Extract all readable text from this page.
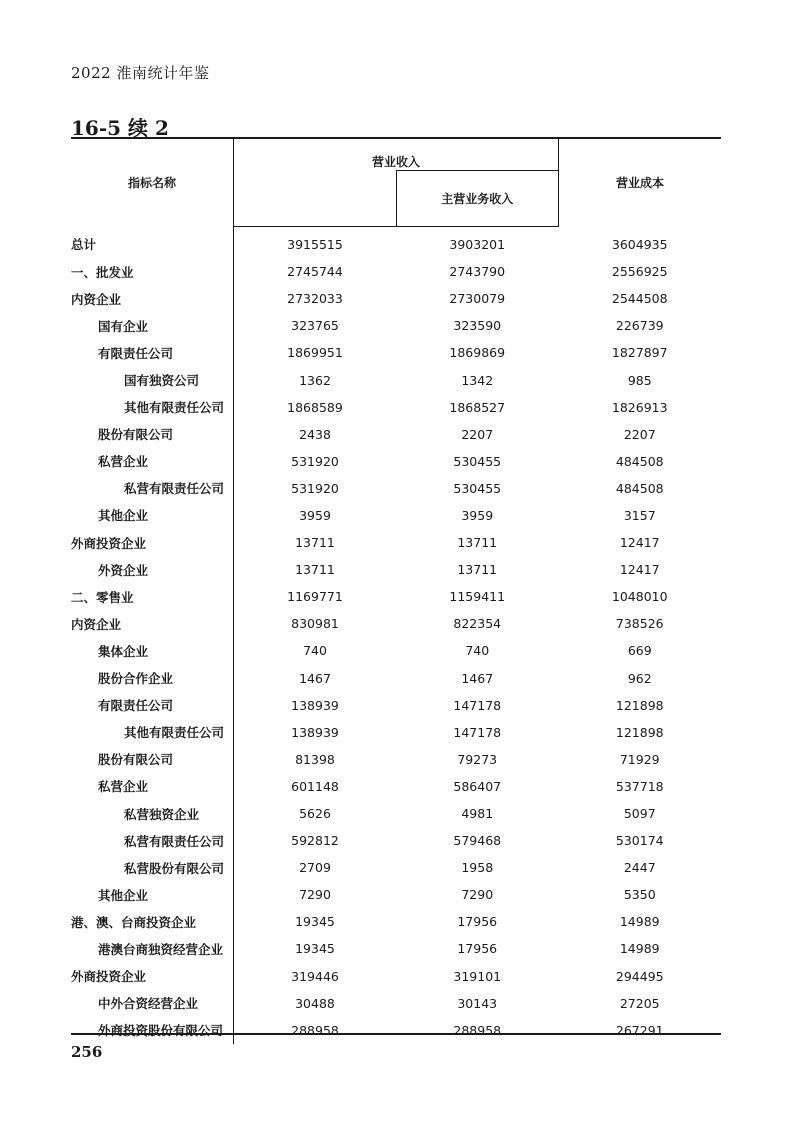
2022 淮南统计年鉴
16-5 续 2

指标名称	营业收入		营业成本
		主营业务收入	
总计	3915515	3903201	3604935
一、批发业	2745744	2743790	2556925
内资企业	2732033	2730079	2544508
国有企业	323765	323590	226739
有限责任公司	1869951	1869869	1827897
国有独资公司	1362	1342	985
其他有限责任公司	1868589	1868527	1826913
股份有限公司	2438	2207	2207
私营企业	531920	530455	484508
私营有限责任公司	531920	530455	484508
其他企业	3959	3959	3157
外商投资企业	13711	13711	12417
外资企业	13711	13711	12417
二、零售业	1169771	1159411	1048010
内资企业	830981	822354	738526
集体企业	740	740	669
股份合作企业	1467	1467	962
有限责任公司	138939	147178	121898
其他有限责任公司	138939	147178	121898
股份有限公司	81398	79273	71929
私营企业	601148	586407	537718
私营独资企业	5626	4981	5097
私营有限责任公司	592812	579468	530174
私营股份有限公司	2709	1958	2447
其他企业	7290	7290	5350
港、澳、台商投资企业	19345	17956	14989
港澳台商独资经营企业	19345	17956	14989
外商投资企业	319446	319101	294495
中外合资经营企业	30488	30143	27205
外商投资股份有限公司	288958	288958	267291
256
